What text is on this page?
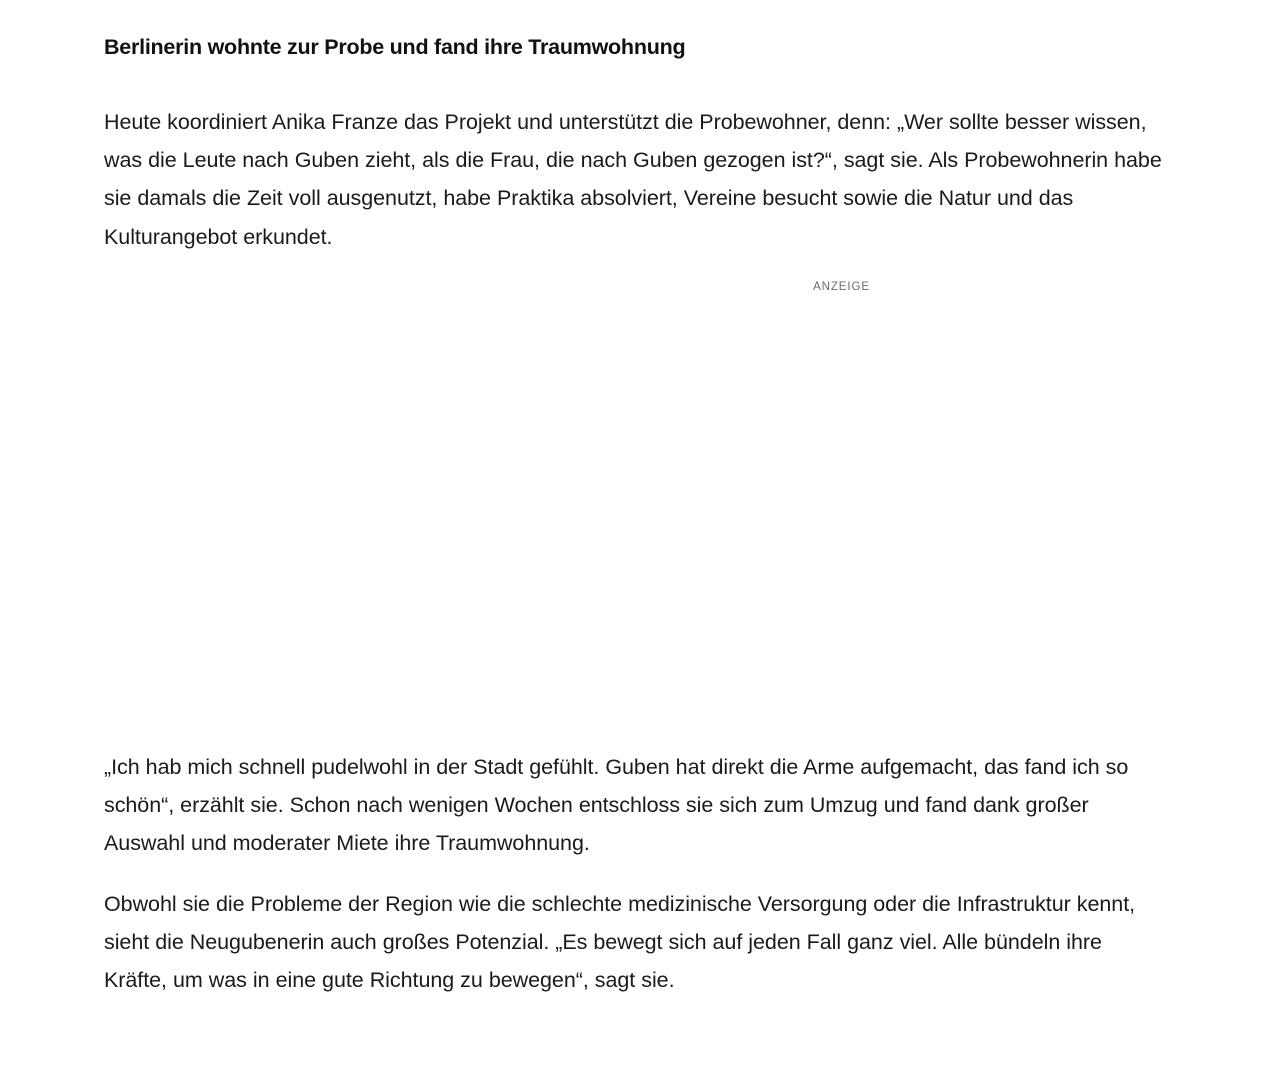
Berlinerin wohnte zur Probe und fand ihre Traumwohnung

Heute koordiniert Anika Franze das Projekt und unterstützt die Probewohner, denn: „Wer sollte besser wissen, was die Leute nach Guben zieht, als die Frau, die nach Guben gezogen ist?“, sagt sie. Als Probewohnerin habe sie damals die Zeit voll ausgenutzt, habe Praktika absolviert, Vereine besucht sowie die Natur und das Kulturangebot erkundet.

„Ich hab mich schnell pudelwohl in der Stadt gefühlt. Guben hat direkt die Arme aufgemacht, das fand ich so schön“, erzählt sie. Schon nach wenigen Wochen entschloss sie sich zum Umzug und fand dank großer Auswahl und moderater Miete ihre Traumwohnung.

Obwohl sie die Probleme der Region wie die schlechte medizinische Versorgung oder die Infrastruktur kennt, sieht die Neugubenerin auch großes Potenzial. „Es bewegt sich auf jeden Fall ganz viel. Alle bündeln ihre Kräfte, um was in eine gute Richtung zu bewegen“, sagt sie.

ANZEIGE
